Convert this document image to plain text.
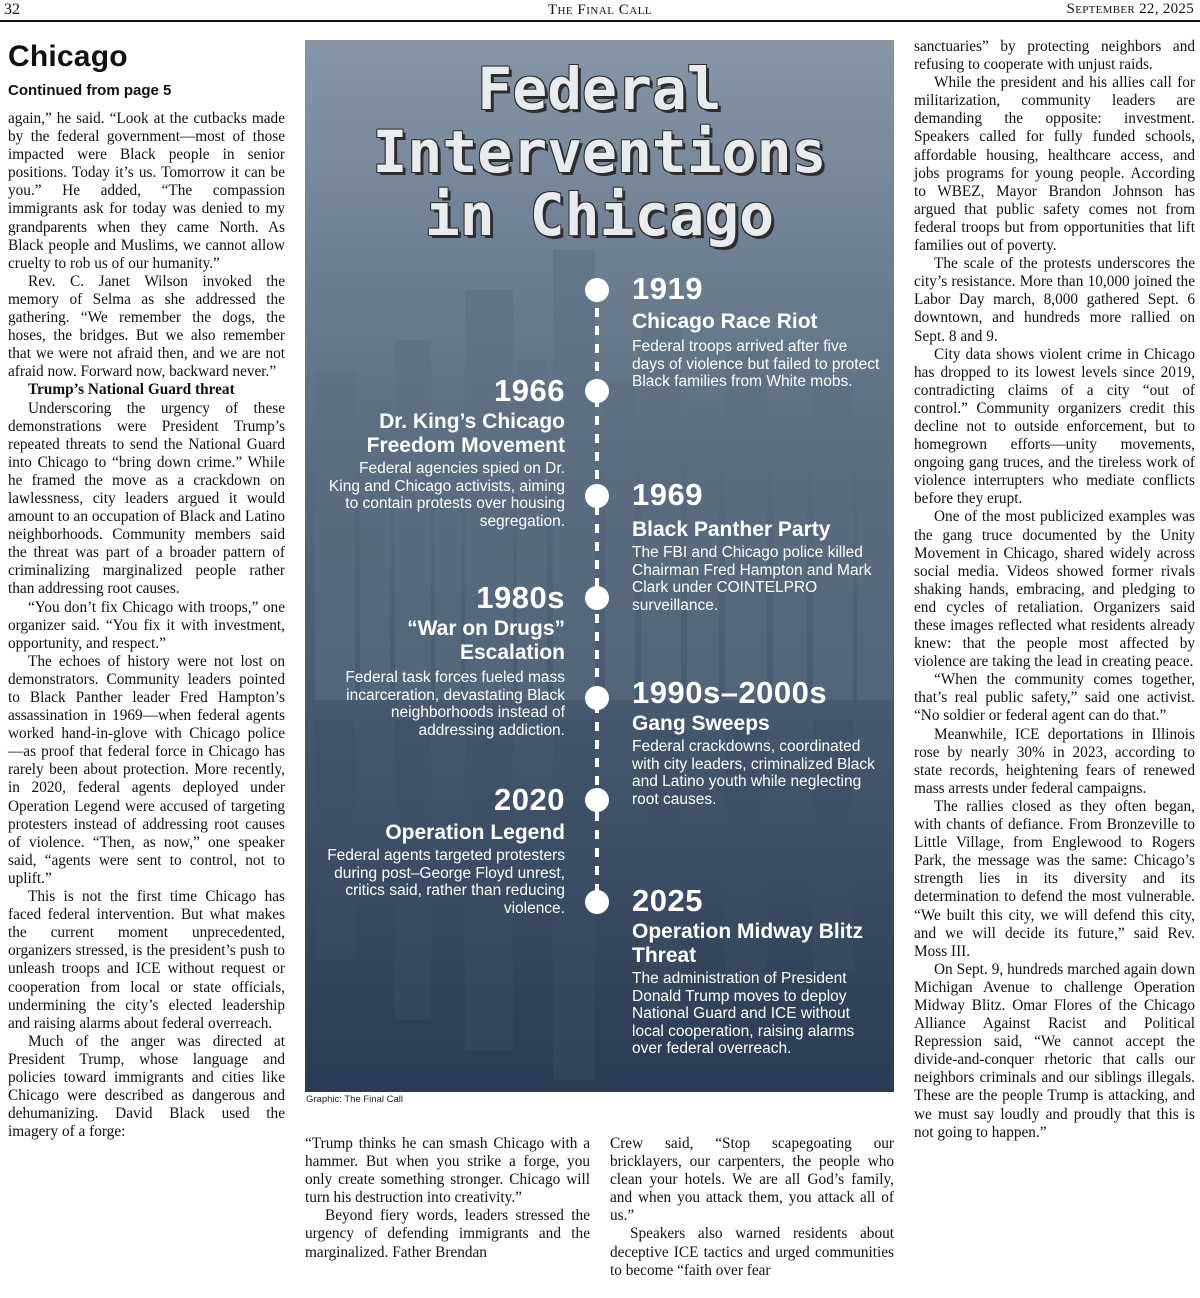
32	The Final Call	September 22, 2025
Chicago
Continued from page 5

again,” he said. “Look at the cutbacks made by the federal government—most of those impacted were Black people in senior positions. Today it’s us. Tomorrow it can be you.” He added, “The compassion immigrants ask for today was denied to my grandparents when they came North. As Black people and Muslims, we cannot allow cruelty to rob us of our humanity.”

Rev. C. Janet Wilson invoked the memory of Selma as she addressed the gathering. “We remember the dogs, the hoses, the bridges. But we also remember that we were not afraid then, and we are not afraid now. Forward now, backward never.”

Trump’s National Guard threat

Underscoring the urgency of these demonstrations were President Trump’s repeated threats to send the National Guard into Chicago to “bring down crime.” While he framed the move as a crackdown on lawlessness, city leaders argued it would amount to an occupation of Black and Latino neighborhoods. Community members said the threat was part of a broader pattern of criminalizing marginalized people rather than addressing root causes.

“You don’t fix Chicago with troops,” one organizer said. “You fix it with investment, opportunity, and respect.”

The echoes of history were not lost on demonstrators. Community leaders pointed to Black Panther leader Fred Hampton’s assassination in 1969—when federal agents worked hand-in-glove with Chicago police—as proof that federal force in Chicago has rarely been about protection. More recently, in 2020, federal agents deployed under Operation Legend were accused of targeting protesters instead of addressing root causes of violence. “Then, as now,” one speaker said, “agents were sent to control, not to uplift.”

This is not the first time Chicago has faced federal intervention. But what makes the current moment unprecedented, organizers stressed, is the president’s push to unleash troops and ICE without request or cooperation from local or state officials, undermining the city’s elected leadership and raising alarms about federal overreach.

Much of the anger was directed at President Trump, whose language and policies toward immigrants and cities like Chicago were described as dangerous and dehumanizing. David Black used the imagery of a forge:

Federal
Interventions
in Chicago
1919
Chicago Race Riot
Federal troops arrived after five days of violence but failed to protect Black families from White mobs.
1966
Dr. King’s Chicago Freedom Movement
Federal agencies spied on Dr. King and Chicago activists, aiming to contain protests over housing segregation.
1969
Black Panther Party
The FBI and Chicago police killed Chairman Fred Hampton and Mark Clark under COINTELPRO surveillance.
1980s
“War on Drugs” Escalation
Federal task forces fueled mass incarceration, devastating Black neighborhoods instead of addressing addiction.
1990s–2000s
Gang Sweeps
Federal crackdowns, coordinated with city leaders, criminalized Black and Latino youth while neglecting root causes.
2020
Operation Legend
Federal agents targeted protesters during post–George Floyd unrest, critics said, rather than reducing violence. 2025
Operation Midway Blitz Threat
The administration of President Donald Trump moves to deploy National Guard and ICE without local cooperation, raising alarms over federal overreach.
Graphic: The Final Call

“Trump thinks he can smash Chicago with a hammer. But when you strike a forge, you only create something stronger. Chicago will turn his destruction into creativity.”

Beyond fiery words, leaders stressed the urgency of defending immigrants and the marginalized. Father Brendan

Crew said, “Stop scapegoating our bricklayers, our carpenters, the people who clean your hotels. We are all God’s family, and when you attack them, you attack all of us.”

Speakers also warned residents about deceptive ICE tactics and urged communities to become “faith over fear

sanctuaries” by protecting neighbors and refusing to cooperate with unjust raids.

While the president and his allies call for militarization, community leaders are demanding the opposite: investment. Speakers called for fully funded schools, affordable housing, healthcare access, and jobs programs for young people. According to WBEZ, Mayor Brandon Johnson has argued that public safety comes not from federal troops but from opportunities that lift families out of poverty.

The scale of the protests underscores the city’s resistance. More than 10,000 joined the Labor Day march, 8,000 gathered Sept. 6 downtown, and hundreds more rallied on Sept. 8 and 9.

City data shows violent crime in Chicago has dropped to its lowest levels since 2019, contradicting claims of a city “out of control.” Community organizers credit this decline not to outside enforcement, but to homegrown efforts—unity movements, ongoing gang truces, and the tireless work of violence interrupters who mediate conflicts before they erupt.

One of the most publicized examples was the gang truce documented by the Unity Movement in Chicago, shared widely across social media. Videos showed former rivals shaking hands, embracing, and pledging to end cycles of retaliation. Organizers said these images reflected what residents already knew: that the people most affected by violence are taking the lead in creating peace.

“When the community comes together, that’s real public safety,” said one activist. “No soldier or federal agent can do that.”

Meanwhile, ICE deportations in Illinois rose by nearly 30% in 2023, according to state records, heightening fears of renewed mass arrests under federal campaigns.

The rallies closed as they often began, with chants of defiance. From Bronzeville to Little Village, from Englewood to Rogers Park, the message was the same: Chicago’s strength lies in its diversity and its determination to defend the most vulnerable. “We built this city, we will defend this city, and we will decide its future,” said Rev. Moss III.

On Sept. 9, hundreds marched again down Michigan Avenue to challenge Operation Midway Blitz. Omar Flores of the Chicago Alliance Against Racist and Political Repression said, “We cannot accept the divide-and-conquer rhetoric that calls our neighbors criminals and our siblings illegals. These are the people Trump is attacking, and we must say loudly and proudly that this is not going to happen.”
